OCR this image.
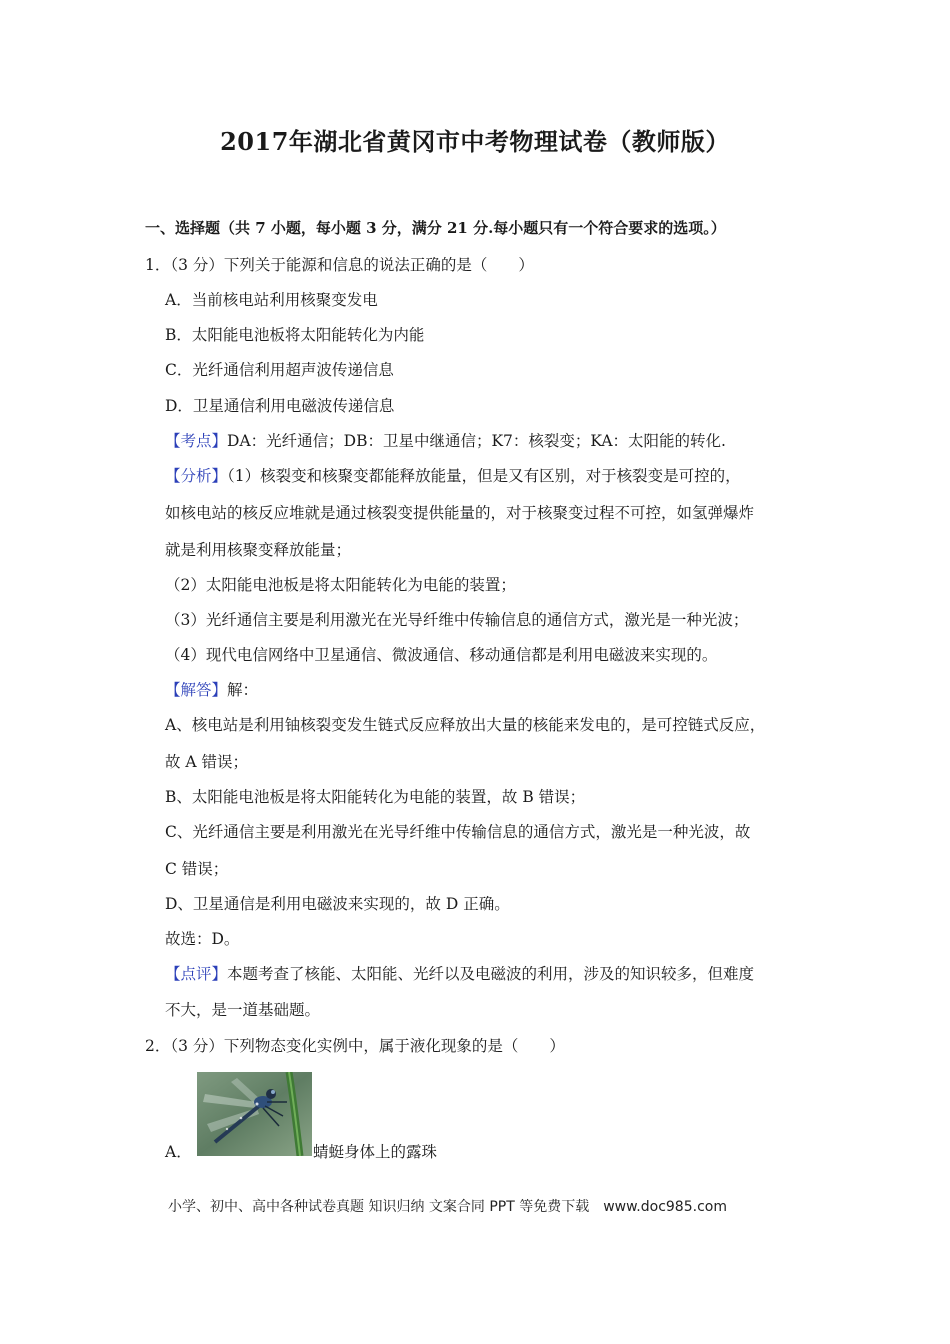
2017年湖北省黄冈市中考物理试卷（教师版）
一、选择题（共 7 小题，每小题 3 分，满分 21 分.每小题只有一个符合要求的选项。）
1．（3 分）下列关于能源和信息的说法正确的是（　　）
A．当前核电站利用核聚变发电
B．太阳能电池板将太阳能转化为内能
C．光纤通信利用超声波传递信息
D．卫星通信利用电磁波传递信息
【考点】DA：光纤通信；DB：卫星中继通信；K7：核裂变；KA：太阳能的转化.
【分析】（1）核裂变和核聚变都能释放能量，但是又有区别，对于核裂变是可控的，
如核电站的核反应堆就是通过核裂变提供能量的，对于核聚变过程不可控，如氢弹爆炸
就是利用核聚变释放能量；
（2）太阳能电池板是将太阳能转化为电能的装置；
（3）光纤通信主要是利用激光在光导纤维中传输信息的通信方式，激光是一种光波；
（4）现代电信网络中卫星通信、微波通信、移动通信都是利用电磁波来实现的。
【解答】解：
A、核电站是利用铀核裂变发生链式反应释放出大量的核能来发电的，是可控链式反应，
故 A 错误；
B、太阳能电池板是将太阳能转化为电能的装置，故 B 错误；
C、光纤通信主要是利用激光在光导纤维中传输信息的通信方式，激光是一种光波，故
C 错误；
D、卫星通信是利用电磁波来实现的，故 D 正确。
故选：D。
【点评】本题考查了核能、太阳能、光纤以及电磁波的利用，涉及的知识较多，但难度
不大，是一道基础题。
2．（3 分）下列物态变化实例中，属于液化现象的是（　　）
A．	蜻蜓身体上的露珠
小学、初中、高中各种试卷真题 知识归纳 文案合同 PPT 等免费下载　www.doc985.com
